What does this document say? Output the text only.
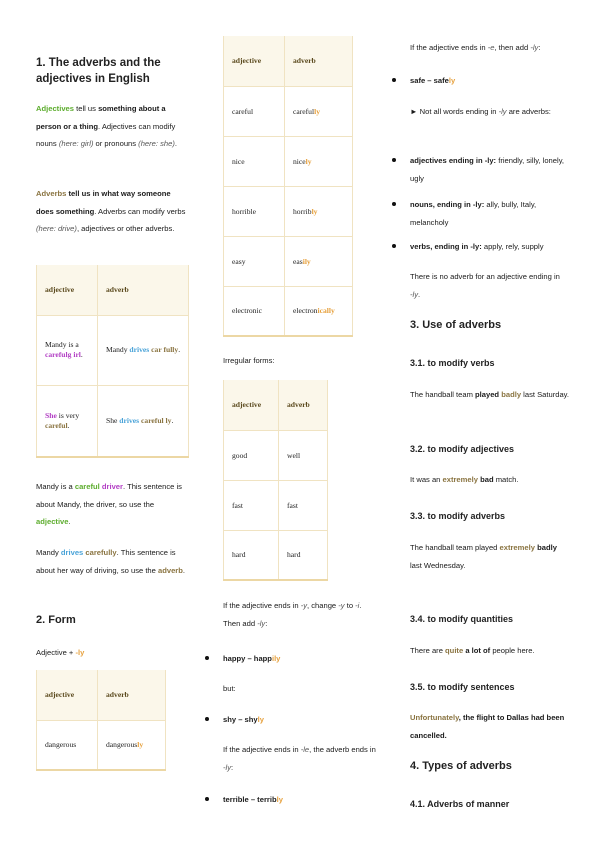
1. The adverbs and the adjectives in English
Adjectives tell us something about a person or a thing. Adjectives can modify nouns (here: girl) or pronouns (here: she).
Adverbs tell us in what way someone does something. Adverbs can modify verbs (here: drive), adjectives or other adverbs.
adjective	adverb
Mandy is a carefulg irl.	Mandy drives car fully.
She is very careful.	She drives careful ly.
Mandy is a careful driver. This sentence is about Mandy, the driver, so use the adjective.
Mandy drives carefully. This sentence is about her way of driving, so use the adverb.
2. Form
Adjective + -ly
adjective	adverb
dangerous	dangerously
adjective	adverb
careful	carefully
nice	nicely
horrible	horribly
easy	easily
electronic	electronically
Irregular forms:
adjective	adverb
good	well
fast	fast
hard	hard
If the adjective ends in -y, change -y to -i. Then add -ly:
happy – happily
but:
shy – shyly
If the adjective ends in -le, the adverb ends in -ly:
terrible – terribly
If the adjective ends in -e, then add -ly:
safe – safely
► Not all words ending in -ly are adverbs:
adjectives ending in -ly: friendly, silly, lonely, ugly
nouns, ending in -ly: ally, bully, Italy, melancholy
verbs, ending in -ly: apply, rely, supply
There is no adverb for an adjective ending in -ly.
3. Use of adverbs
3.1. to modify verbs
The handball team played badly last Saturday.
3.2. to modify adjectives
It was an extremely bad match.
3.3. to modify adverbs
The handball team played extremely badly last Wednesday.
3.4. to modify quantities
There are quite a lot of people here.
3.5. to modify sentences
Unfortunately, the flight to Dallas had been cancelled.
4. Types of adverbs
4.1. Adverbs of manner
